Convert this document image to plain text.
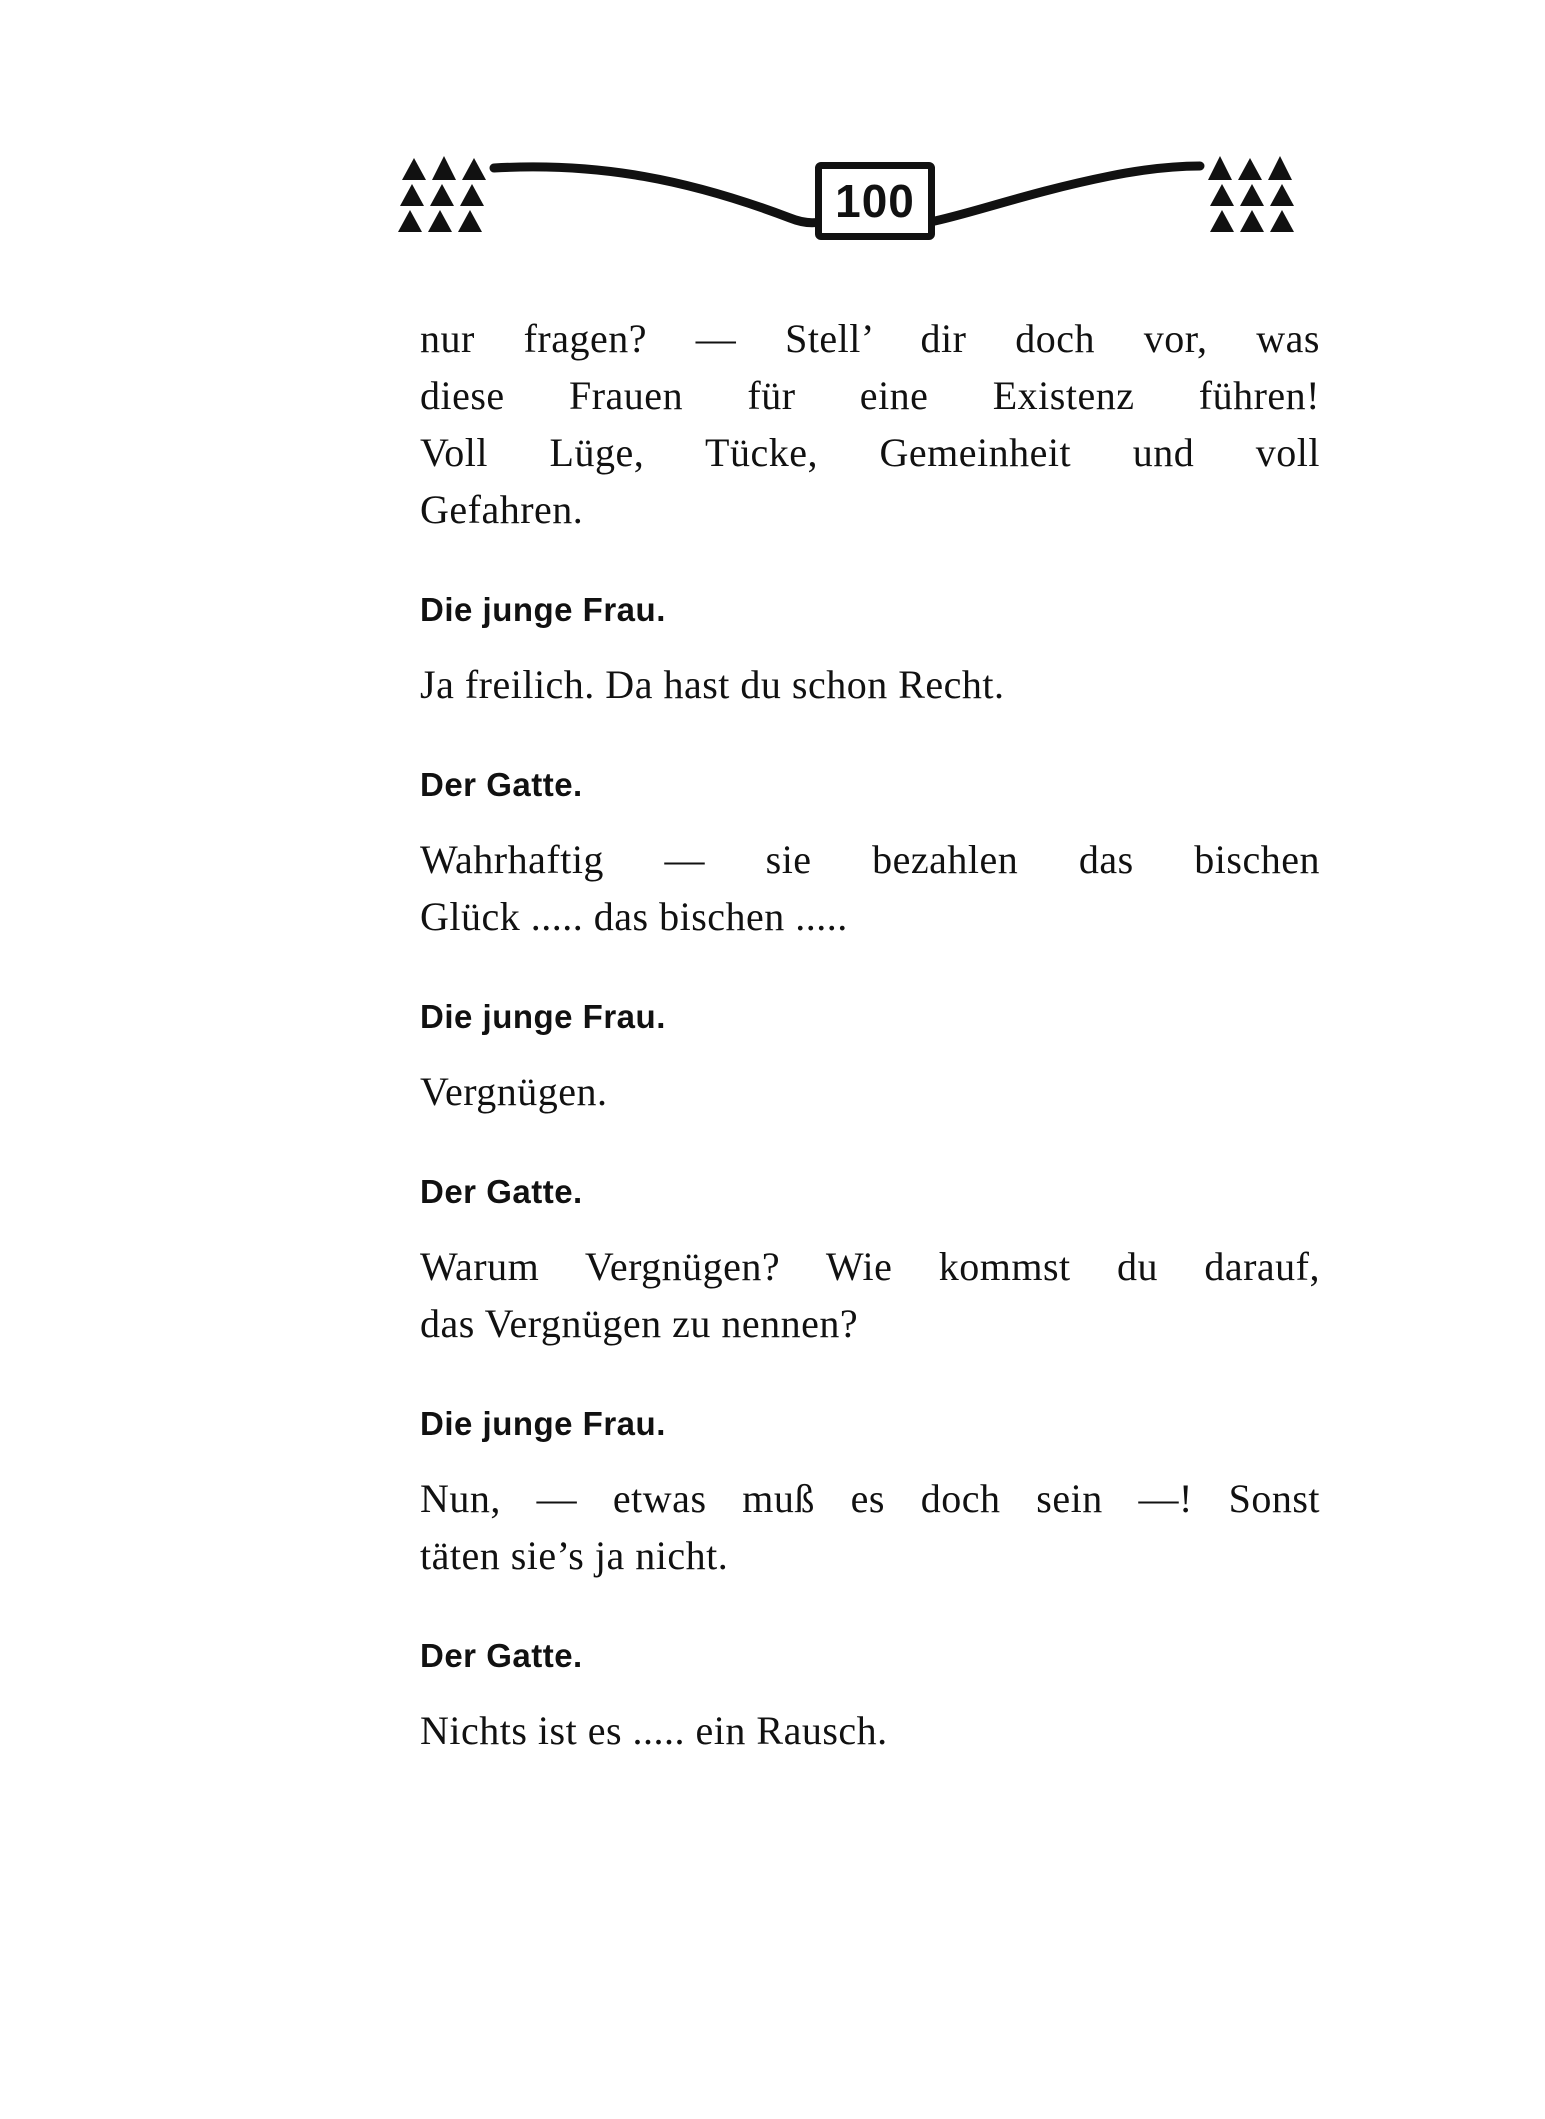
100

nur fragen? — Stell’ dir doch vor, was
diese Frauen für eine Existenz führen!
Voll Lüge, Tücke, Gemeinheit und voll
Gefahren.

Die junge Frau.

Ja freilich. Da hast du schon Recht.

Der Gatte.

Wahrhaftig — sie bezahlen das bischen
Glück ..... das bischen .....

Die junge Frau.

Vergnügen.

Der Gatte.

Warum Vergnügen? Wie kommst du darauf,
das Vergnügen zu nennen?

Die junge Frau.

Nun, — etwas muß es doch sein —! Sonst
täten sie’s ja nicht.

Der Gatte.

Nichts ist es ..... ein Rausch.
